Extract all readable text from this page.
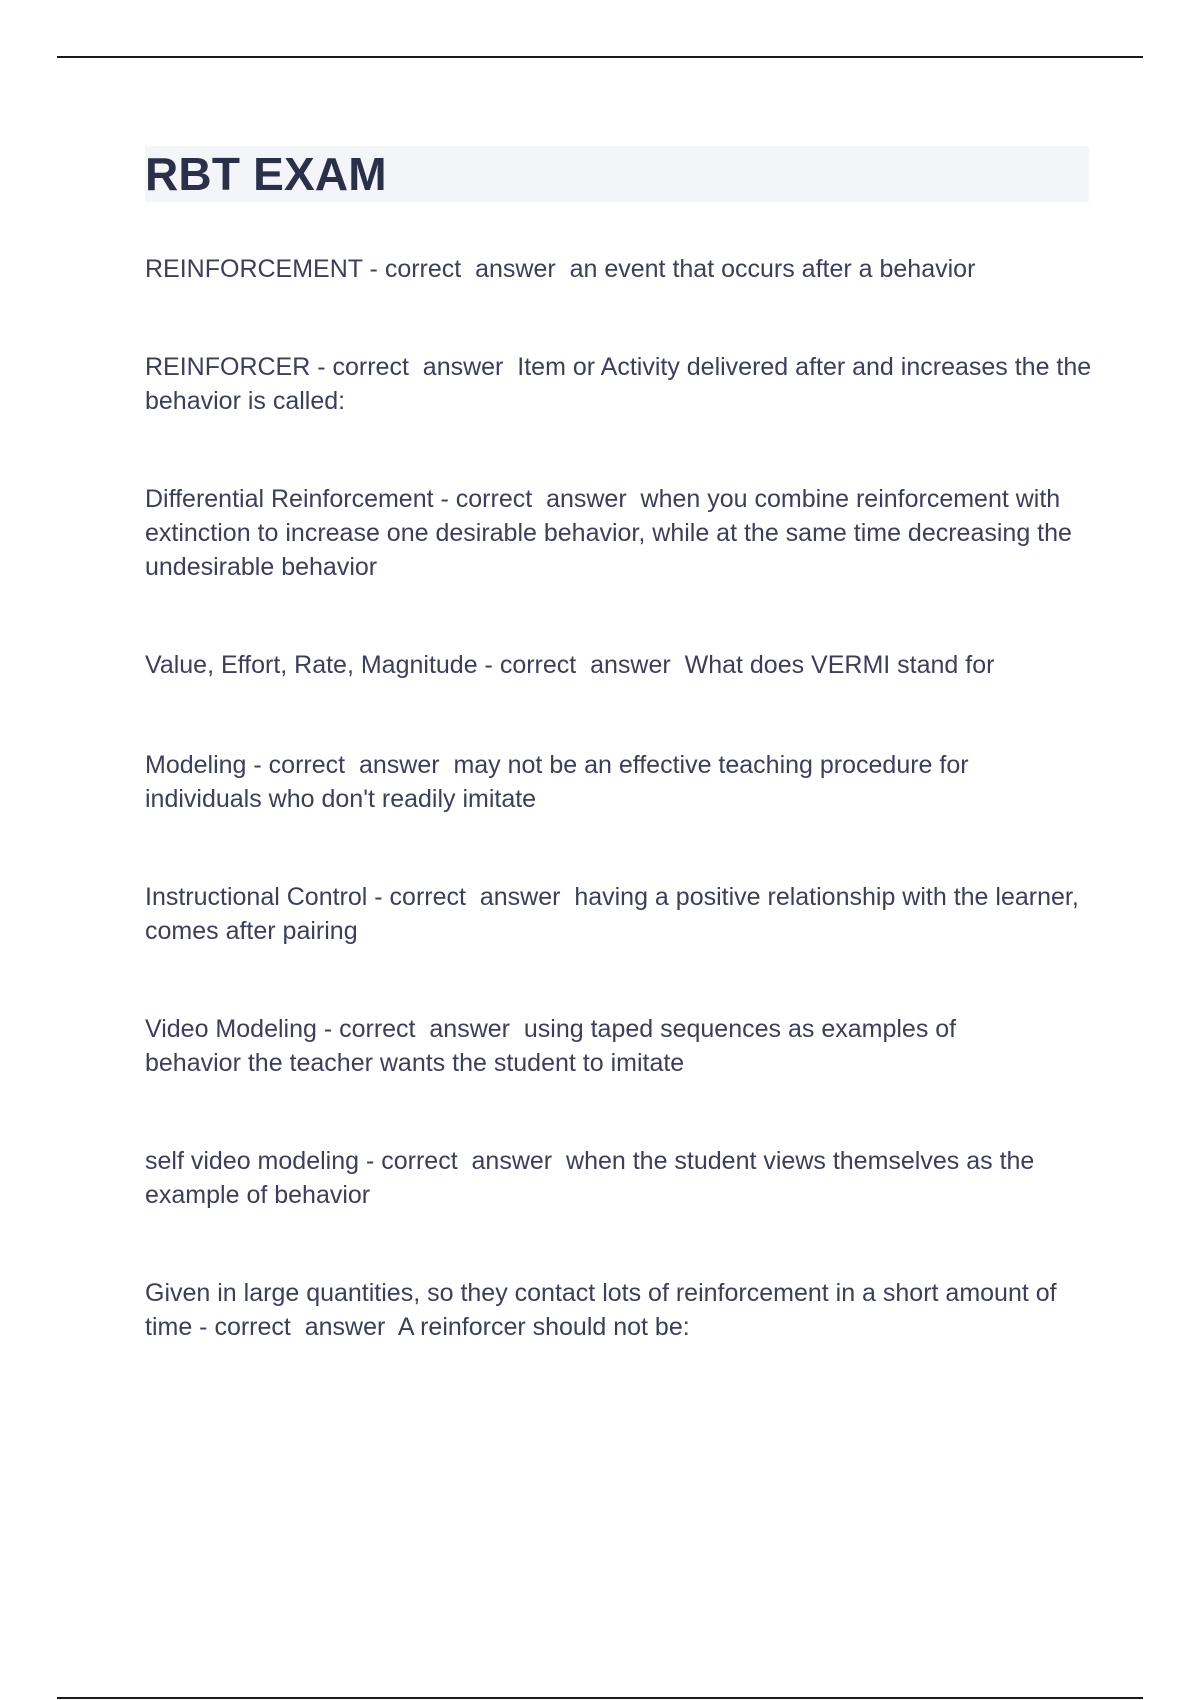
RBT EXAM

REINFORCEMENT - correct  answer  an event that occurs after a behavior

REINFORCER - correct  answer  Item or Activity delivered after and increases the the behavior is called:

Differential Reinforcement - correct  answer  when you combine reinforcement with extinction to increase one desirable behavior, while at the same time decreasing the undesirable behavior

Value, Effort, Rate, Magnitude - correct  answer  What does VERMI stand for

Modeling - correct  answer  may not be an effective teaching procedure for individuals who don't readily imitate

Instructional Control - correct  answer  having a positive relationship with the learner, comes after pairing

Video Modeling - correct  answer  using taped sequences as examples of behavior the teacher wants the student to imitate

self video modeling - correct  answer  when the student views themselves as the example of behavior

Given in large quantities, so they contact lots of reinforcement in a short amount of time - correct  answer  A reinforcer should not be:
